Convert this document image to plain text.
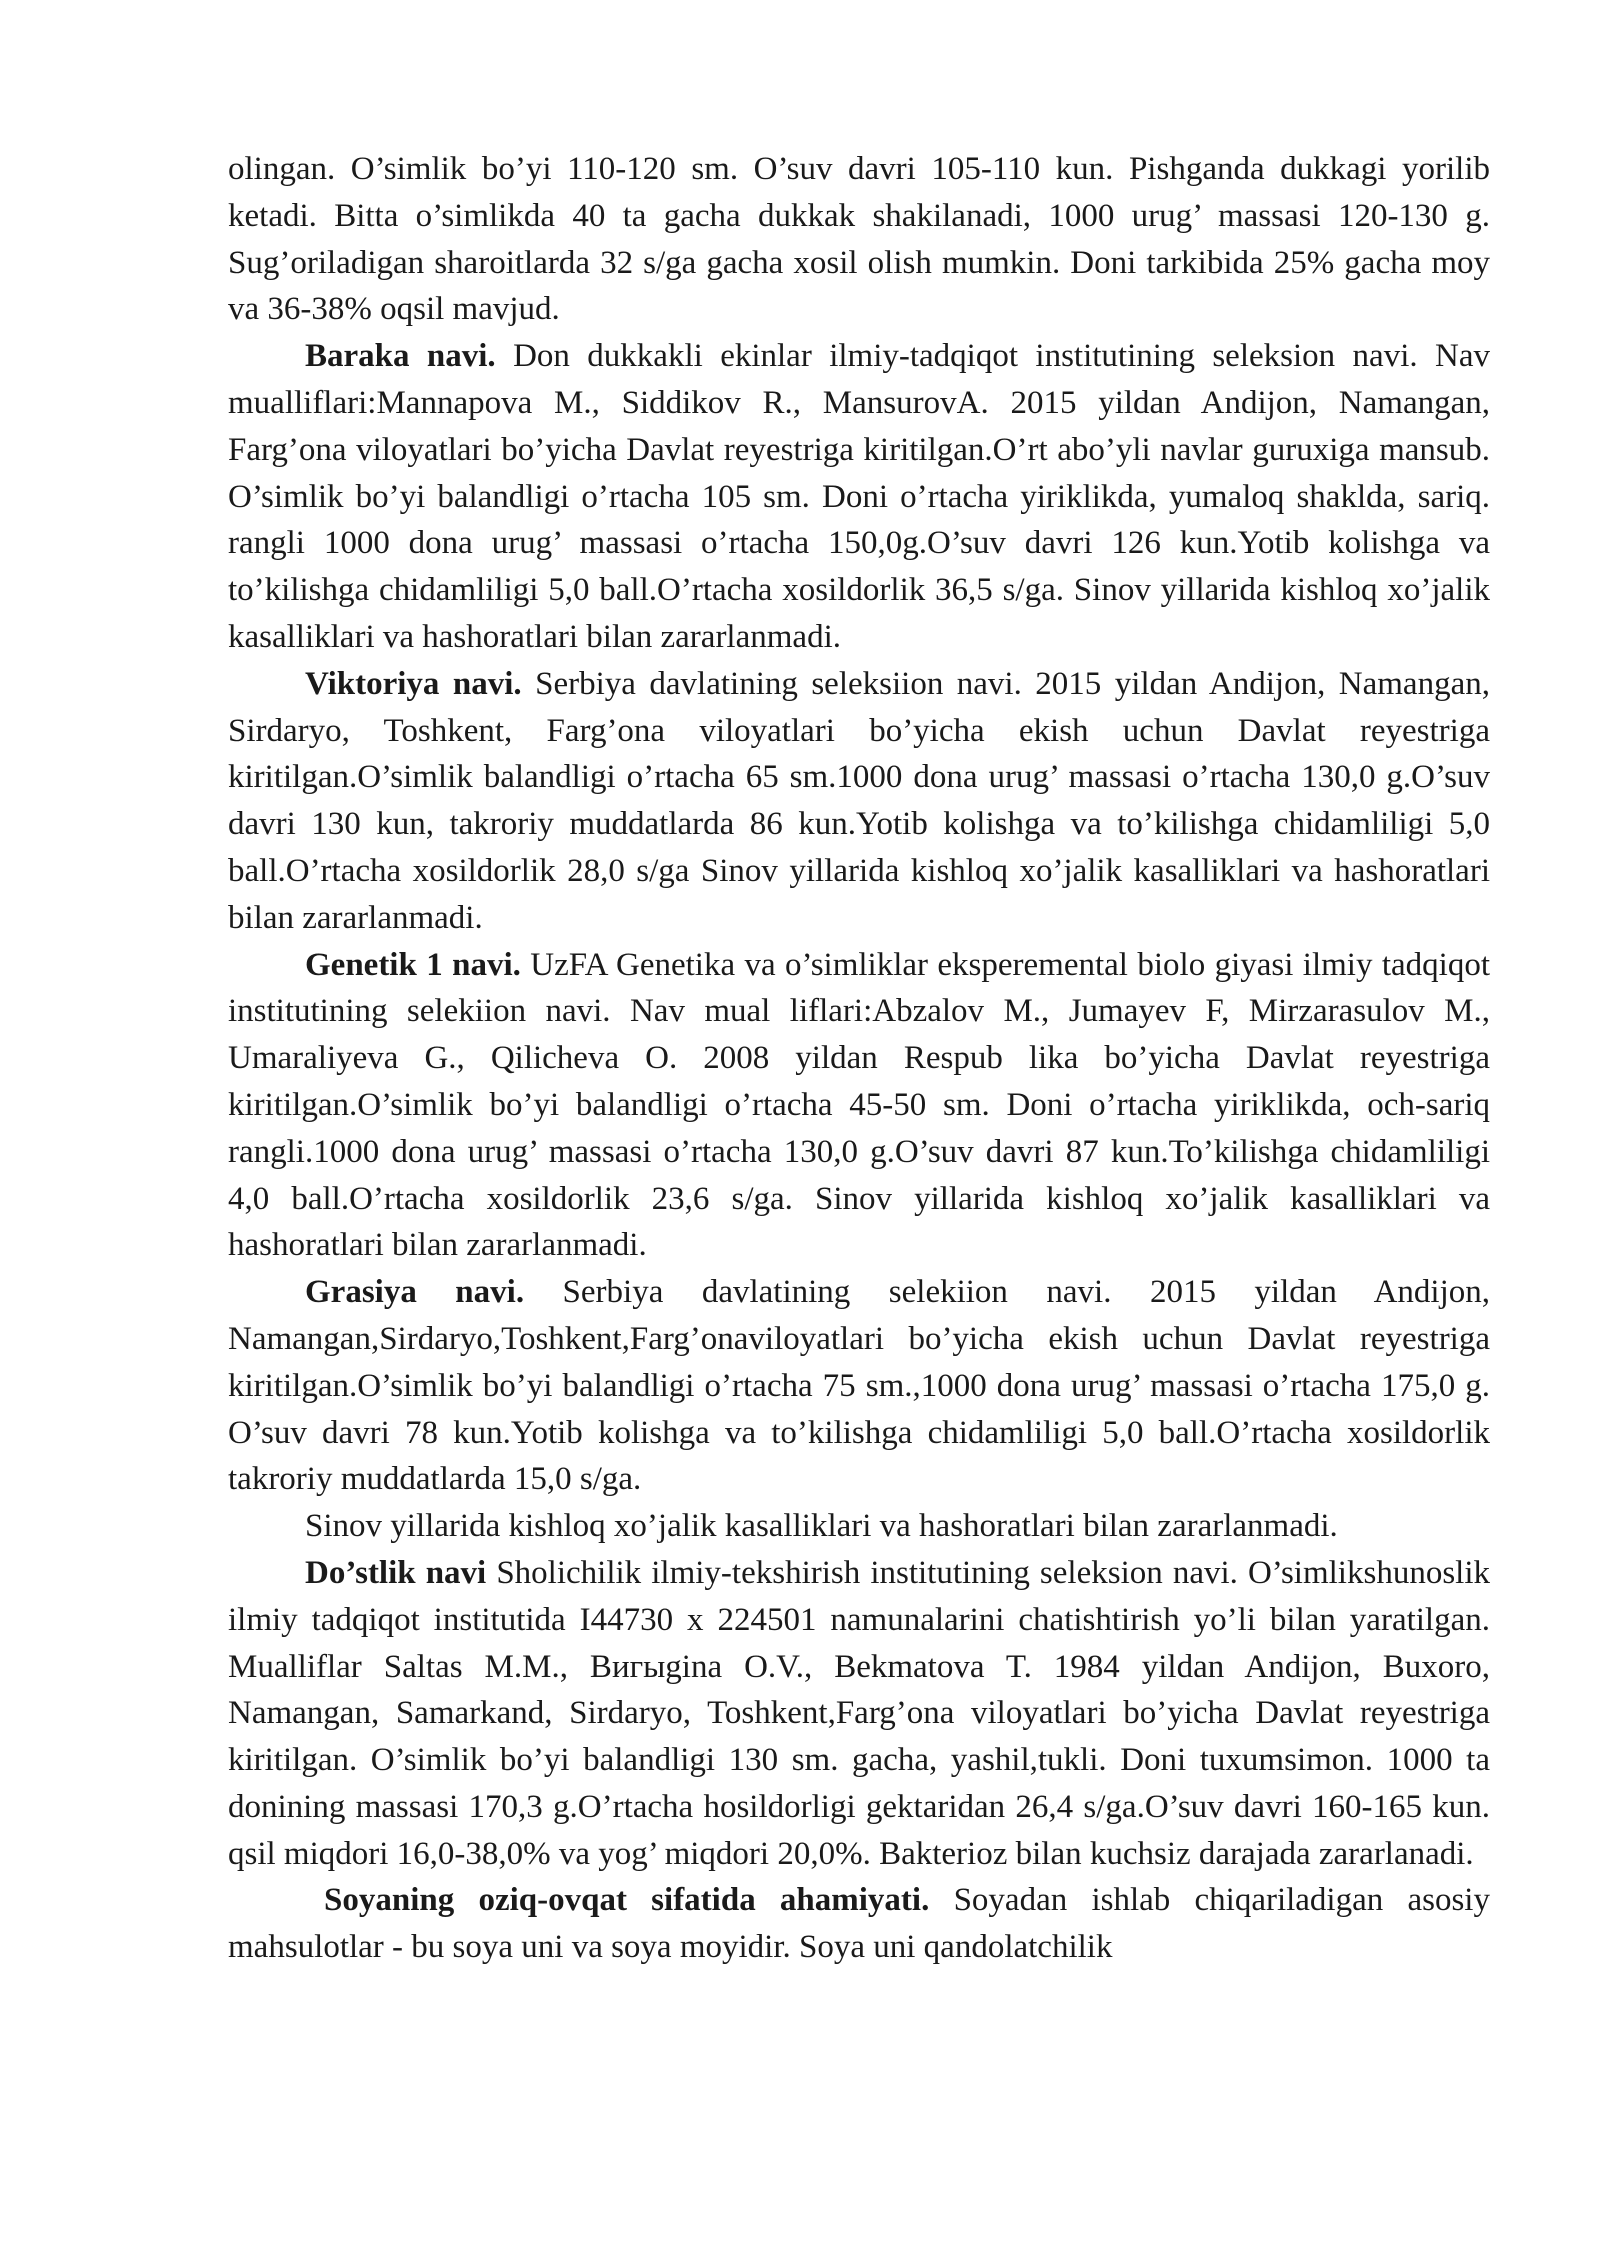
olingan. O’simlik bo’yi 110-120 sm. O’suv davri 105-110 kun. Pishganda dukkagi yorilib ketadi. Bitta o’simlikda 40 ta gacha dukkak shakilanadi, 1000 urug’ massasi 120-130 g. Sug’oriladigan sharoitlarda 32 s/ga gacha xosil olish mumkin. Doni tarkibida 25% gacha moy va 36-38% oqsil mavjud.

Baraka navi. Don dukkakli ekinlar ilmiy-tadqiqot institutining seleksion navi. Nav mualliflari:Mannapova M., Siddikov R., MansurovA. 2015 yildan Andijon, Namangan, Farg’ona viloyatlari bo’yicha Davlat reyestriga kiritilgan.O’rt abo’yli navlar guruxiga mansub. O’simlik bo’yi balandligi o’rtacha 105 sm. Doni o’rtacha yiriklikda, yumaloq shaklda, sariq. rangli 1000 dona urug’ massasi o’rtacha 150,0g.O’suv davri 126 kun.Yotib kolishga va to’kilishga chidamliligi 5,0 ball.O’rtacha xosildorlik 36,5 s/ga. Sinov yillarida kishloq xo’jalik kasalliklari va hashoratlari bilan zararlanmadi.

Viktoriya navi. Serbiya davlatining seleksiion navi. 2015 yildan Andijon, Namangan, Sirdaryo, Toshkent, Farg’ona viloyatlari bo’yicha ekish uchun Davlat reyestriga kiritilgan.O’simlik balandligi o’rtacha 65 sm.1000 dona urug’ massasi o’rtacha 130,0 g.O’suv davri 130 kun, takroriy muddatlarda 86 kun.Yotib kolishga va to’kilishga chidamliligi 5,0 ball.O’rtacha xosildorlik 28,0 s/ga Sinov yillarida kishloq xo’jalik kasalliklari va hashoratlari bilan zararlanmadi.

Genetik 1 navi. UzFA Genetika va o’simliklar eksperemental biolo giyasi ilmiy tadqiqot institutining selekiion navi. Nav mual liflari:Abzalov M., Jumayev F, Mirzarasulov M., Umaraliyeva G., Qilicheva O. 2008 yildan Respub lika bo’yicha Davlat reyestriga kiritilgan.O’simlik bo’yi balandligi o’rtacha 45-50 sm. Doni o’rtacha yiriklikda, och-sariq rangli.1000 dona urug’ massasi o’rtacha 130,0 g.O’suv davri 87 kun.To’kilishga chidamliligi 4,0 ball.O’rtacha xosildorlik 23,6 s/ga. Sinov yillarida kishloq xo’jalik kasalliklari va hashoratlari bilan zararlanmadi.

Grasiya navi. Serbiya davlatining selekiion navi. 2015 yildan Andijon, Namangan,Sirdaryo,Toshkent,Farg’onaviloyatlari bo’yicha ekish uchun Davlat reyestriga kiritilgan.O’simlik bo’yi balandligi o’rtacha 75 sm.,1000 dona urug’ massasi o’rtacha 175,0 g. O’suv davri 78 kun.Yotib kolishga va to’kilishga chidamliligi 5,0 ball.O’rtacha xosildorlik takroriy muddatlarda 15,0 s/ga.

Sinov yillarida kishloq xo’jalik kasalliklari va hashoratlari bilan zararlanmadi.

Do’stlik navi Sholichilik ilmiy-tekshirish institutining seleksion navi. O’simlikshunoslik ilmiy tadqiqot institutida I44730 x 224501 namunalarini chatishtirish yo’li bilan yaratilgan. Mualliflar Saltas M.M., Bигыgina O.V., Bekmatova T. 1984 yildan Andijon, Buxoro, Namangan, Samarkand, Sirdaryo, Toshkent,Farg’ona viloyatlari bo’yicha Davlat reyestriga kiritilgan. O’simlik bo’yi balandligi 130 sm. gacha, yashil,tukli. Doni tuxumsimon. 1000 ta donining massasi 170,3 g.O’rtacha hosildorligi gektaridan 26,4 s/ga.O’suv davri 160-165 kun. qsil miqdori 16,0-38,0% va yog’ miqdori 20,0%. Bakterioz bilan kuchsiz darajada zararlanadi.

Soyaning oziq-ovqat sifatida ahamiyati. Soyadan ishlab chiqariladigan asosiy mahsulotlar - bu soya uni va soya moyidir. Soya uni qandolatchilik
